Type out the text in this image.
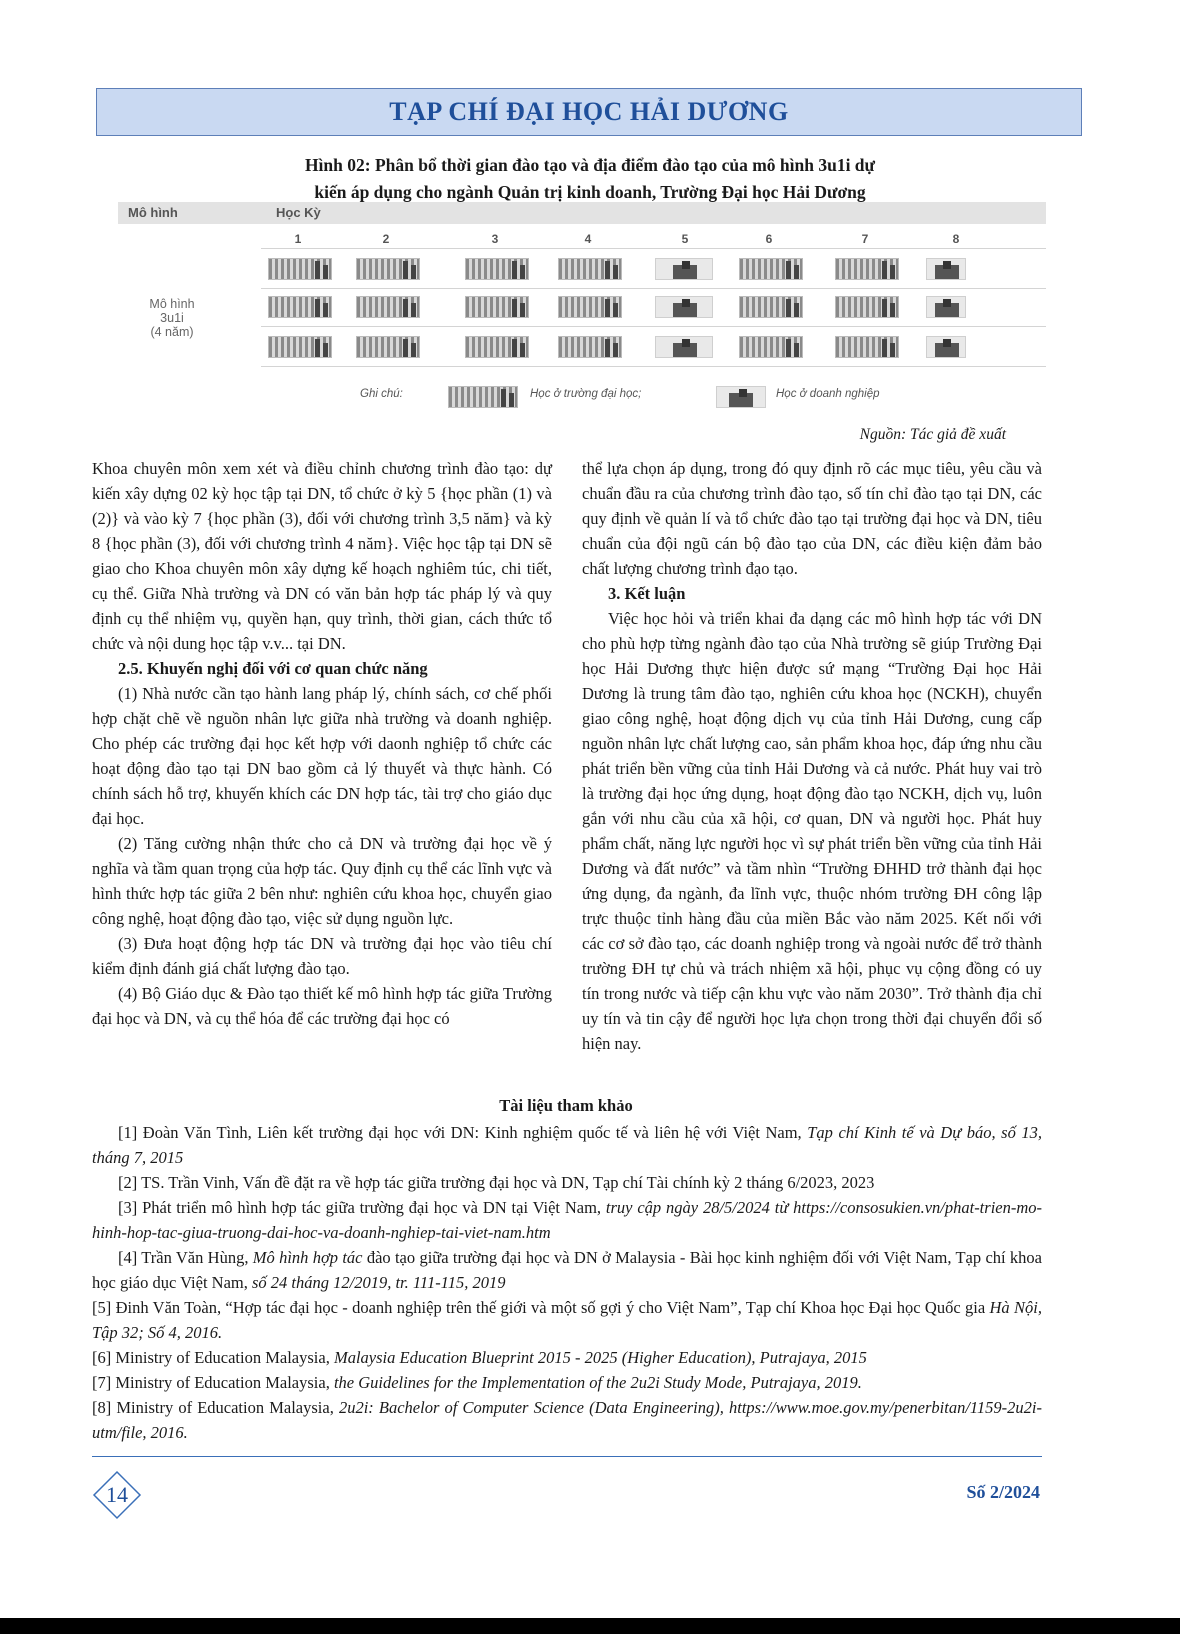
TẠP CHÍ ĐẠI HỌC HẢI DƯƠNG
Hình 02: Phân bổ thời gian đào tạo và địa điểm đào tạo của mô hình 3u1i dự
kiến áp dụng cho ngành Quản trị kinh doanh, Trường Đại học Hải Dương
Mô hình	Học Kỳ
1	2	3	4	5	6	7	8
Mô hình
3u1i
(4 năm)
Ghi chú:	Học ở trường đại học;	Học ở doanh nghiệp
Nguồn: Tác giả đề xuất

Khoa chuyên môn xem xét và điều chỉnh chương trình đào tạo: dự kiến xây dựng 02 kỳ học tập tại DN, tổ chức ở kỳ 5 {học phần (1) và (2)} và vào kỳ 7 {học phần (3), đối với chương trình 3,5 năm} và kỳ 8 {học phần (3), đối với chương trình 4 năm}. Việc học tập tại DN sẽ giao cho Khoa chuyên môn xây dựng kế hoạch nghiêm túc, chi tiết, cụ thể. Giữa Nhà trường và DN có văn bản hợp tác pháp lý và quy định cụ thể nhiệm vụ, quyền hạn, quy trình, thời gian, cách thức tổ chức và nội dung học tập v.v... tại DN.

2.5. Khuyến nghị đối với cơ quan chức năng

(1) Nhà nước cần tạo hành lang pháp lý, chính sách, cơ chế phối hợp chặt chẽ về nguồn nhân lực giữa nhà trường và doanh nghiệp. Cho phép các trường đại học kết hợp với daonh nghiệp tổ chức các hoạt động đào tạo tại DN bao gồm cả lý thuyết và thực hành. Có chính sách hỗ trợ, khuyến khích các DN hợp tác, tài trợ cho giáo dục đại học.

(2) Tăng cường nhận thức cho cả DN và trường đại học về ý nghĩa và tầm quan trọng của hợp tác. Quy định cụ thể các lĩnh vực và hình thức hợp tác giữa 2 bên như: nghiên cứu khoa học, chuyển giao công nghệ, hoạt động đào tạo, việc sử dụng nguồn lực.

(3) Đưa hoạt động hợp tác DN và trường đại học vào tiêu chí kiểm định đánh giá chất lượng đào tạo.

(4) Bộ Giáo dục & Đào tạo thiết kế mô hình hợp tác giữa Trường đại học và DN, và cụ thể hóa để các trường đại học có

thể lựa chọn áp dụng, trong đó quy định rõ các mục tiêu, yêu cầu và chuẩn đầu ra của chương trình đào tạo, số tín chỉ đào tạo tại DN, các quy định về quản lí và tổ chức đào tạo tại trường đại học và DN, tiêu chuẩn của đội ngũ cán bộ đào tạo của DN, các điều kiện đảm bảo chất lượng chương trình đạo tạo.

3. Kết luận

Việc học hỏi và triển khai đa dạng các mô hình hợp tác với DN cho phù hợp từng ngành đào tạo của Nhà trường sẽ giúp Trường Đại học Hải Dương thực hiện được sứ mạng “Trường Đại học Hải Dương là trung tâm đào tạo, nghiên cứu khoa học (NCKH), chuyển giao công nghệ, hoạt động dịch vụ của tỉnh Hải Dương, cung cấp nguồn nhân lực chất lượng cao, sản phẩm khoa học, đáp ứng nhu cầu phát triển bền vững của tỉnh Hải Dương và cả nước. Phát huy vai trò là trường đại học ứng dụng, hoạt động đào tạo NCKH, dịch vụ, luôn gắn với nhu cầu của xã hội, cơ quan, DN và người học. Phát huy phẩm chất, năng lực người học vì sự phát triển bền vững của tỉnh Hải Dương và đất nước” và tầm nhìn “Trường ĐHHD trở thành đại học ứng dụng, đa ngành, đa lĩnh vực, thuộc nhóm trường ĐH công lập trực thuộc tỉnh hàng đầu của miền Bắc vào năm 2025. Kết nối với các cơ sở đào tạo, các doanh nghiệp trong và ngoài nước để trở thành trường ĐH tự chủ và trách nhiệm xã hội, phục vụ cộng đồng có uy tín trong nước và tiếp cận khu vực vào năm 2030”. Trở thành địa chỉ uy tín và tin cậy để người học lựa chọn trong thời đại chuyển đổi số hiện nay.

Tài liệu tham khảo

[1] Đoàn Văn Tình, Liên kết trường đại học với DN: Kinh nghiệm quốc tế và liên hệ với Việt Nam, Tạp chí Kinh tế và Dự báo, số 13, tháng 7, 2015

[2] TS. Trần Vinh, Vấn đề đặt ra về hợp tác giữa trường đại học và DN, Tạp chí Tài chính kỳ 2 tháng 6/2023, 2023

[3] Phát triển mô hình hợp tác giữa trường đại học và DN tại Việt Nam, truy cập ngày 28/5/2024 từ https://consosukien.vn/phat-trien-mo-hinh-hop-tac-giua-truong-dai-hoc-va-doanh-nghiep-tai-viet-nam.htm

[4] Trần Văn Hùng, Mô hình hợp tác đào tạo giữa trường đại học và DN ở Malaysia - Bài học kinh nghiệm đối với Việt Nam, Tạp chí khoa học giáo dục Việt Nam, số 24 tháng 12/2019, tr. 111-115, 2019

[5] Đinh Văn Toàn, “Hợp tác đại học - doanh nghiệp trên thế giới và một số gợi ý cho Việt Nam”, Tạp chí Khoa học Đại học Quốc gia Hà Nội, Tập 32; Số 4, 2016.

[6] Ministry of Education Malaysia, Malaysia Education Blueprint 2015 - 2025 (Higher Education), Putrajaya, 2015

[7] Ministry of Education Malaysia, the Guidelines for the Implementation of the 2u2i Study Mode, Putrajaya, 2019.

[8] Ministry of Education Malaysia, 2u2i: Bachelor of Computer Science (Data Engineering), https://www.moe.gov.my/penerbitan/1159-2u2i-utm/file, 2016.

14	Số 2/2024
